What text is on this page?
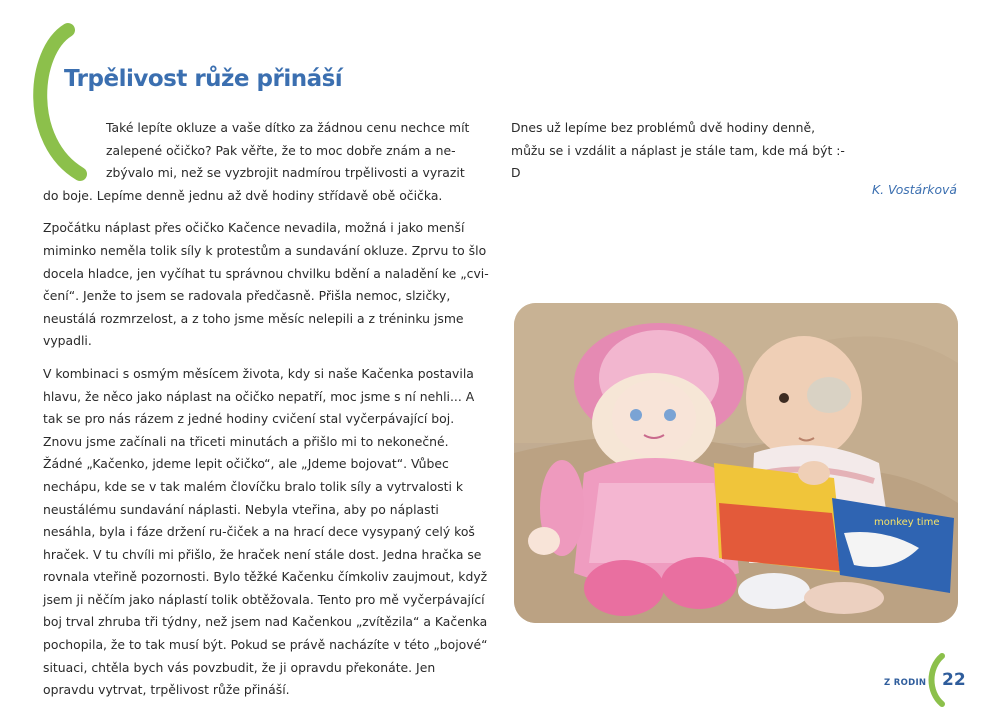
Trpělivost růže přináší

Také lepíte okluze a vaše dítko za žádnou cenu nechce mít
zalepené očičko? Pak věřte, že to moc dobře znám a ne-
zbývalo mi, než se vyzbrojit nadmírou trpělivosti a vyrazit
do boje. Lepíme denně jednu až dvě hodiny střídavě obě očička.

Zpočátku náplast přes očičko Kačence nevadila, možná i jako menší miminko neměla tolik síly k protestům a sundavání okluze. Zprvu to šlo docela hladce, jen vyčíhat tu správnou chvilku bdění a naladění ke „cvi-čení“. Jenže to jsem se radovala předčasně. Přišla nemoc, slzičky, neustálá rozmrzelost, a z toho jsme měsíc nelepili a z tréninku jsme vypadli.

V kombinaci s osmým měsícem života, kdy si naše Kačenka postavila hlavu, že něco jako náplast na očičko nepatří, moc jsme s ní nehli... A tak se pro nás rázem z jedné hodiny cvičení stal vyčerpávající boj. Znovu jsme začínali na třiceti minutách a přišlo mi to nekonečné. Žádné „Kačenko, jdeme lepit očičko“, ale „Jdeme bojovat“. Vůbec nechápu, kde se v tak malém človíčku bralo tolik síly a vytrvalosti k neustálému sundavání náplasti. Nebyla vteřina, aby po náplasti nesáhla, byla i fáze držení ru-čiček a na hrací dece vysypaný celý koš hraček. V tu chvíli mi přišlo, že hraček není stále dost. Jedna hračka se rovnala vteřině pozornosti. Bylo těžké Kačenku čímkoliv zaujmout, když jsem ji něčím jako náplastí tolik obtěžovala. Tento pro mě vyčerpávající boj trval zhruba tři týdny, než jsem nad Kačenkou „zvítězila“ a Kačenka pochopila, že to tak musí být. Pokud se právě nacházíte v této „bojové“ situaci, chtěla bych vás povzbudit, že ji opravdu překonáte. Jen opravdu vytrvat, trpělivost růže přináší.

Dnes už lepíme bez problémů dvě hodiny denně, můžu se i vzdálit a náplast je stále tam, kde má být :-D

K. Vostárková
monkey time
Z RODIN 22
